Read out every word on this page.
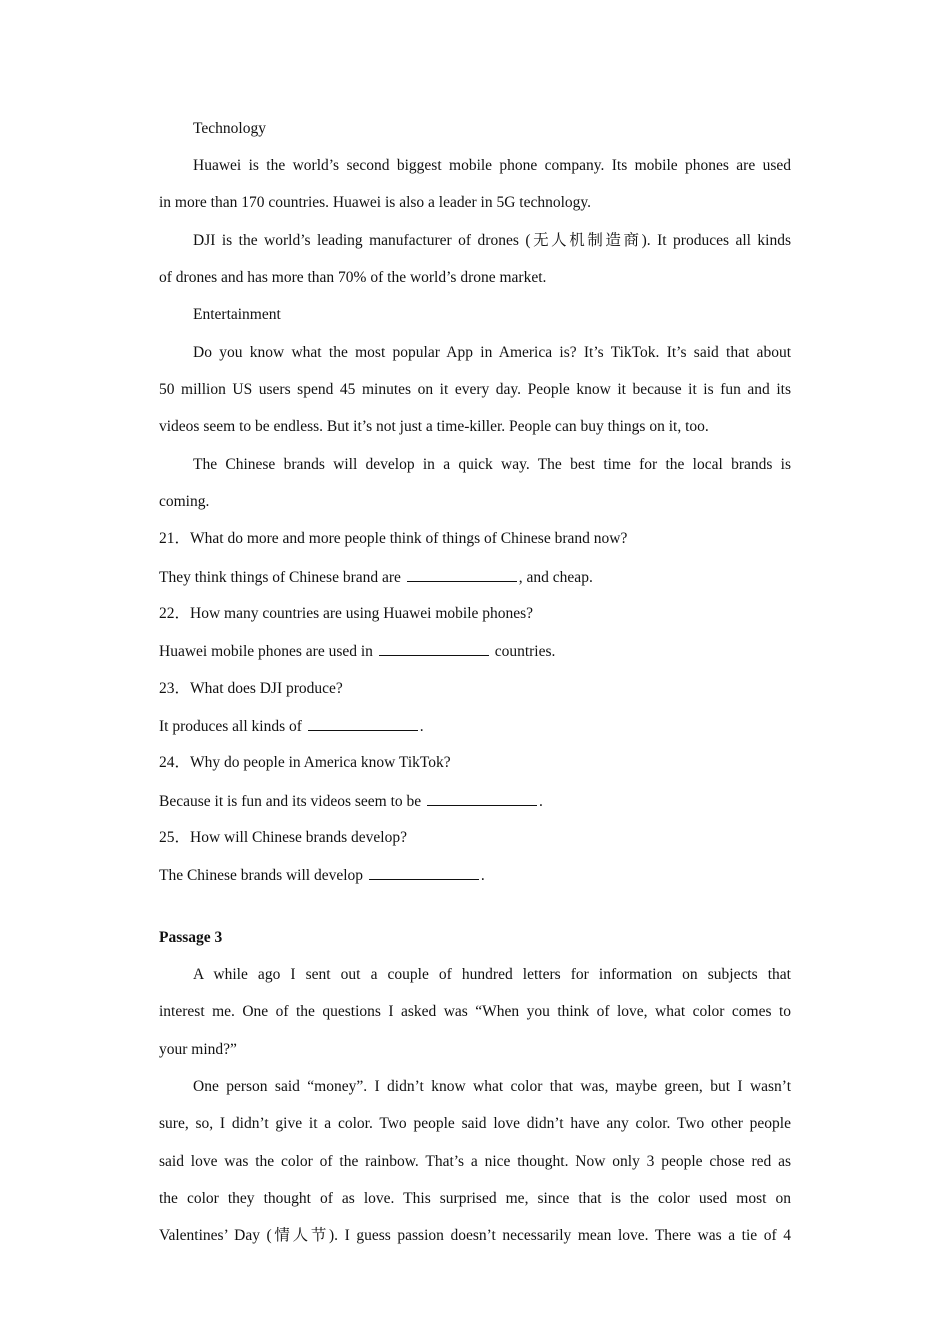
Technology
Huawei is the world’s second biggest mobile phone company. Its mobile phones are used
in more than 170 countries. Huawei is also a leader in 5G technology.
DJI is the world’s leading manufacturer of drones (无人机制造商). It produces all kinds
of drones and has more than 70% of the world’s drone market.
Entertainment
Do you know what the most popular App in America is? It’s TikTok. It’s said that about
50 million US users spend 45 minutes on it every day. People know it because it is fun and its
videos seem to be endless. But it’s not just a time-killer. People can buy things on it, too.
The Chinese brands will develop in a quick way. The best time for the local brands is
coming.
21．What do more and more people think of things of Chinese brand now?
They think things of Chinese brand are	, and cheap.
22．How many countries are using Huawei mobile phones?
Huawei mobile phones are used in	countries.
23．What does DJI produce?
It produces all kinds of	.
24．Why do people in America know TikTok?
Because it is fun and its videos seem to be	.
25．How will Chinese brands develop?
The Chinese brands will develop	.
Passage 3
A while ago I sent out a couple of hundred letters for information on subjects that
interest me. One of the questions I asked was “When you think of love, what color comes to
your mind?”
One person said “money”. I didn’t know what color that was, maybe green, but I wasn’t
sure, so, I didn’t give it a color. Two people said love didn’t have any color. Two other people
said love was the color of the rainbow. That’s a nice thought. Now only 3 people chose red as
the color they thought of as love. This surprised me, since that is the color used most on
Valentines’ Day (情人节). I guess passion doesn’t necessarily mean love. There was a tie of 4
